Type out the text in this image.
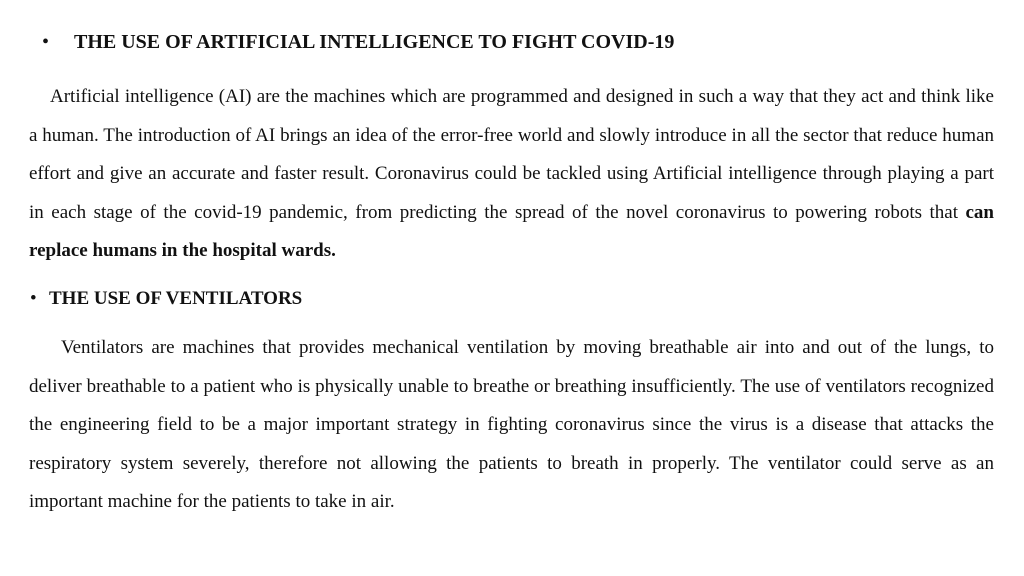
• THE USE OF ARTIFICIAL INTELLIGENCE TO FIGHT COVID-19

Artificial intelligence (AI) are the machines which are programmed and designed in such a way that they act and think like a human. The introduction of AI brings an idea of the error-free world and slowly introduce in all the sector that reduce human effort and give an accurate and faster result. Coronavirus could be tackled using Artificial intelligence through playing a part in each stage of the covid-19 pandemic, from predicting the spread of the novel coronavirus to powering robots that can replace humans in the hospital wards.

• THE USE OF VENTILATORS

Ventilators are machines that provides mechanical ventilation by moving breathable air into and out of the lungs, to deliver breathable to a patient who is physically unable to breathe or breathing insufficiently. The use of ventilators recognized the engineering field to be a major important strategy in fighting coronavirus since the virus is a disease that attacks the respiratory system severely, therefore not allowing the patients to breath in properly. The ventilator could serve as an important machine for the patients to take in air.
